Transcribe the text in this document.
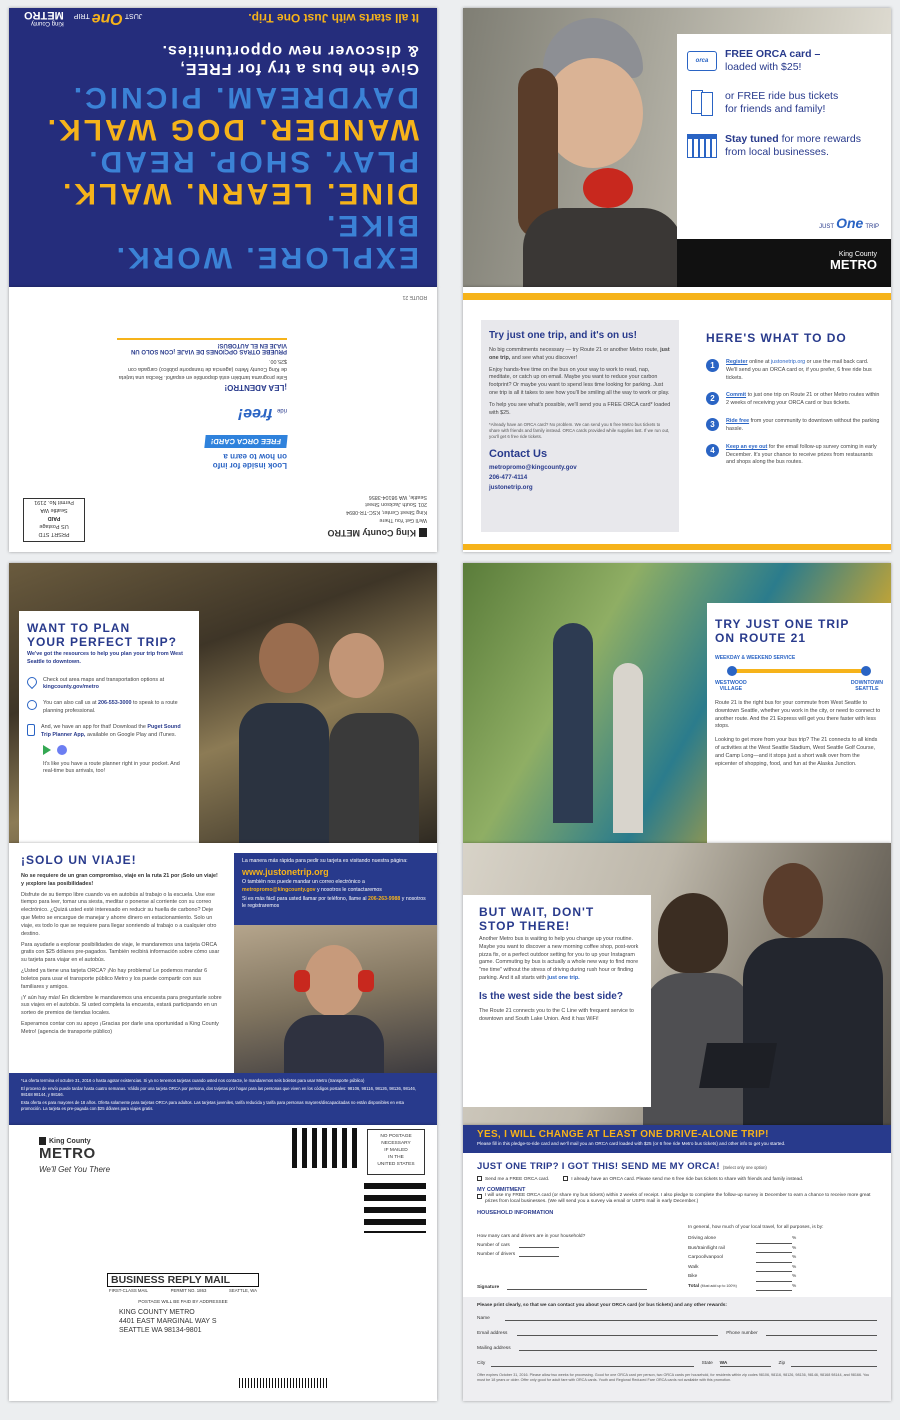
EXPLORE. WORK. BIKE.
DINE. LEARN. WALK.
PLAY. SHOP. READ.
WANDER. DOG WALK.
DAYDREAM. PICNIC.
Give the bus a try for FREE,
& discover new opportunities.
It all starts with Just One Trip.
JUST
One
TRIP
King County
METRO
PRSRT STD
US Postage
PAID
Seattle WA
Permit No. 2191
King County METRO
We'll Get You There
King Street Center, KSC-TR-0894
201 South Jackson Street
Seattle, WA 98104-3856
Look inside for info
on how to earn a
FREE ORCA CARD!
ride free!
¡LEA ADENTRO!
Este programa también está disponible en español. Reciba una tarjeta de King County Metro (agencia de transporte público) cargada con $25.00.
PRUEBE OTRAS OPCIONES DE VIAJE ¡CON SOLO UN VIAJE EN EL AUTOBÚS!
ROUTE 21
WANT TO PLAN
YOUR PERFECT TRIP?
We've got the resources to help you plan your trip from West Seattle to downtown.
Check out area maps and transportation options at kingcounty.gov/metro
You can also call us at 206-553-3000 to speak to a route planning professional.
And, we have an app for that! Download the Puget Sound Trip Planner App, available on Google Play and iTunes.
It's like you have a route planner right in your pocket. And real-time bus arrivals, too!
¡SOLO UN VIAJE!
No se requiere de un gran compromiso, viaje en la ruta 21 por ¡Solo un viaje! y ¡explore las posibilidades!
Disfrute de su tiempo libre cuando va en autobús al trabajo o la escuela. Use ese tiempo para leer, tomar una siesta, meditar o ponerse al corriente con su correo electrónico. ¿Quizá usted esté interesado en reducir su huella de carbono? Deje que Metro se encargue de manejar y ahorre dinero en estacionamiento. Solo un viaje, es todo lo que se requiere para llegar sonriendo al trabajo o a cualquier otro destino.
Para ayudarle a explorar posibilidades de viaje, le mandaremos una tarjeta ORCA gratis con $25 dólares pre-pagados. También recibirá información sobre cómo usar su tarjeta para viajar en el autobús.
¿Usted ya tiene una tarjeta ORCA? ¡No hay problema! Le podemos mandar 6 boletos para usar el transporte público Metro y los puede compartir con sus familiares y amigos.
¡Y aún hay más! En diciembre le mandaremos una encuesta para preguntarle sobre sus viajes en el autobús. Si usted completa la encuesta, estará participando en un sorteo de premios de tiendas locales.
Esperamos contar con su apoyo ¡Gracias por darle una oportunidad a King County Metro! (agencia de transporte público)
La manera más rápida para pedir su tarjeta es visitando nuestra página:
www.justonetrip.org
O también nos puede mandar un correo electrónico a metropromo@kingcounty.gov y nosotros le contactaremos
Si es más fácil para usted llamar por teléfono, llame al 206-263-9988 y nosotros le registraremos
*La oferta termina el octubre 31, 2016 o hasta agotar existencias. Si ya no tenemos tarjetas cuando usted nos contacte, le mandaremos seis boletos para usar Metro (transporte público)
El proceso de envío puede tardar hasta cuatro semanas. Válido por una tarjeta ORCA por persona, dos tarjetas por hogar para las personas que viven en los códigos postales: 98106, 98116, 98126, 98136, 98146, 98168 98144, y 98166.
Esta oferta es para mayores de 18 años. Oferta solamente para tarjetas ORCA para adultos. Las tarjetas juveniles, tarifa reducida y tarifa para personas mayores/discapacitadas no están disponibles en esta promoción. La tarjeta es pre-pagada con $25 dólares para viajes gratis.
King County
METRO
We'll Get You There
NO POSTAGE
NECESSARY
IF MAILED
IN THE
UNITED STATES
BUSINESS REPLY MAIL
FIRST-CLASS MAIL	PERMIT NO. 1863	SEATTLE, WA
POSTAGE WILL BE PAID BY ADDRESSEE
KING COUNTY METRO
4401 EAST MARGINAL WAY S
SEATTLE WA 98134-9801
orca
FREE ORCA card –
loaded with $25!
or FREE ride bus tickets
for friends and family!
Stay tuned for more rewards
from local businesses.
JUST One TRIP
King County
METRO
Try just one trip, and it's on us!
No big commitments necessary — try Route 21 or another Metro route, just one trip, and see what you discover!
Enjoy hands-free time on the bus on your way to work to read, nap, meditate, or catch up on email. Maybe you want to reduce your carbon footprint? Or maybe you want to spend less time looking for parking. Just one trip is all it takes to see how you'll be smiling all the way to work or play.
To help you see what's possible, we'll send you a FREE ORCA card* loaded with $25.
*Already have an ORCA card? No problem. We can send you 6 free Metro bus tickets to share with friends and family instead. ORCA cards provided while supplies last. If we run out, you'll get 6 free ride tickets.
Contact Us
metropromo@kingcounty.gov
206-477-4114
justonetrip.org
HERE'S WHAT TO DO
1	Register online at justonetrip.org or use the mail back card. We'll send you an ORCA card or, if you prefer, 6 free ride bus tickets.
2	Commit to just one trip on Route 21 or other Metro routes within 2 weeks of receiving your ORCA card or bus tickets.
3	Ride free from your community to downtown without the parking hassle.
4	Keep an eye out for the email follow-up survey coming in early December. It's your chance to receive prizes from restaurants and shops along the bus routes.
TRY JUST ONE TRIP
ON ROUTE 21
WEEKDAY & WEEKEND SERVICE
WESTWOOD
VILLAGE
DOWNTOWN
SEATTLE
Route 21 is the right bus for your commute from West Seattle to downtown Seattle, whether you work in the city, or need to connect to another route. And the 21 Express will get you there faster with less stops.
Looking to get more from your bus trip? The 21 connects to all kinds of activities at the West Seattle Stadium, West Seattle Golf Course, and Camp Long—and it stops just a short walk over from the epicenter of shopping, food, and fun at the Alaska Junction.
BUT WAIT, DON'T
STOP THERE!
Another Metro bus is waiting to help you change up your routine. Maybe you want to discover a new morning coffee shop, post-work pizza fix, or a perfect outdoor setting for you to up your Instagram game. Commuting by bus is actually a whole new way to find more "me time" without the stress of driving during rush hour or finding parking. And it all starts with just one trip.
Is the west side the best side?
The Route 21 connects you to the C Line with frequent service to downtown and South Lake Union. And it has WiFi!
YES, I WILL CHANGE AT LEAST ONE DRIVE-ALONE TRIP!
Please fill in this pledge-to-ride card and we'll mail you an ORCA card loaded with $25 (or 6 free ride Metro bus tickets) and other info to get you started.
JUST ONE TRIP? I GOT THIS! SEND ME MY ORCA! (Select only one option)
Send me a FREE ORCA card.	I already have an ORCA card. Please send me 6 free ride bus tickets to share with friends and family instead.
MY COMMITMENT
I will use my FREE ORCA card (or share my bus tickets) within 2 weeks of receipt. I also pledge to complete the follow-up survey in December to earn a chance to receive more great prizes from local businesses. (We will send you a survey via email or USPS mail in early December.)
HOUSEHOLD INFORMATION
How many cars and drivers are in your household?
Number of cars
Number of drivers
In general, how much of your local travel, for all purposes, is by:
Driving alone	%
Bus/train/light rail	%
Carpool/vanpool	%
Walk	%
Bike	%
Total (Must add up to 100%)	%
Signature
Please print clearly, so that we can contact you about your ORCA card (or bus tickets) and any other rewards:
Name
Email address	Phone number
Mailing address
City	State	WA	Zip
Offer expires October 31, 2016. Please allow two weeks for processing. Good for one ORCA card per person, two ORCA cards per household, for residents within zip codes 98106, 98116, 98126, 98136, 98146, 98168 98144, and 98166. You must be 18 years or older. Offer only good for adult fare with ORCA cards. Youth and Regional Reduced Fare ORCA cards not available with this promotion.
